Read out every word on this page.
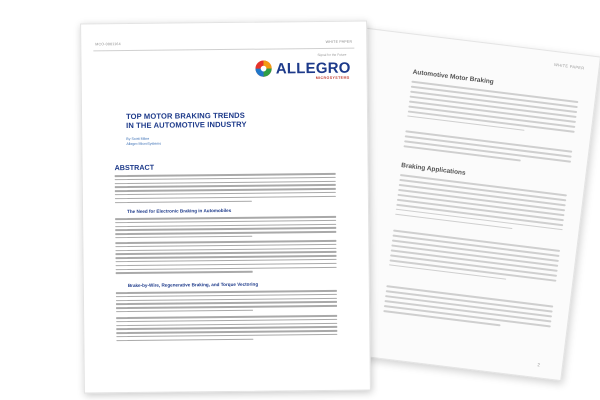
WHITE PAPER
Automotive Motor Braking
Braking Applications
2
MCO-0001164
WHITE PAPER
Signal for the Future
ALLEGRO
MICROSYSTEMS
TOP MOTOR BRAKING TRENDS
IN THE AUTOMOTIVE INDUSTRY
By Scott Milne
Allegro MicroSystems
ABSTRACT
The Need for Electronic Braking in Automobiles
Brake-by-Wire, Regenerative Braking, and Torque Vectoring
